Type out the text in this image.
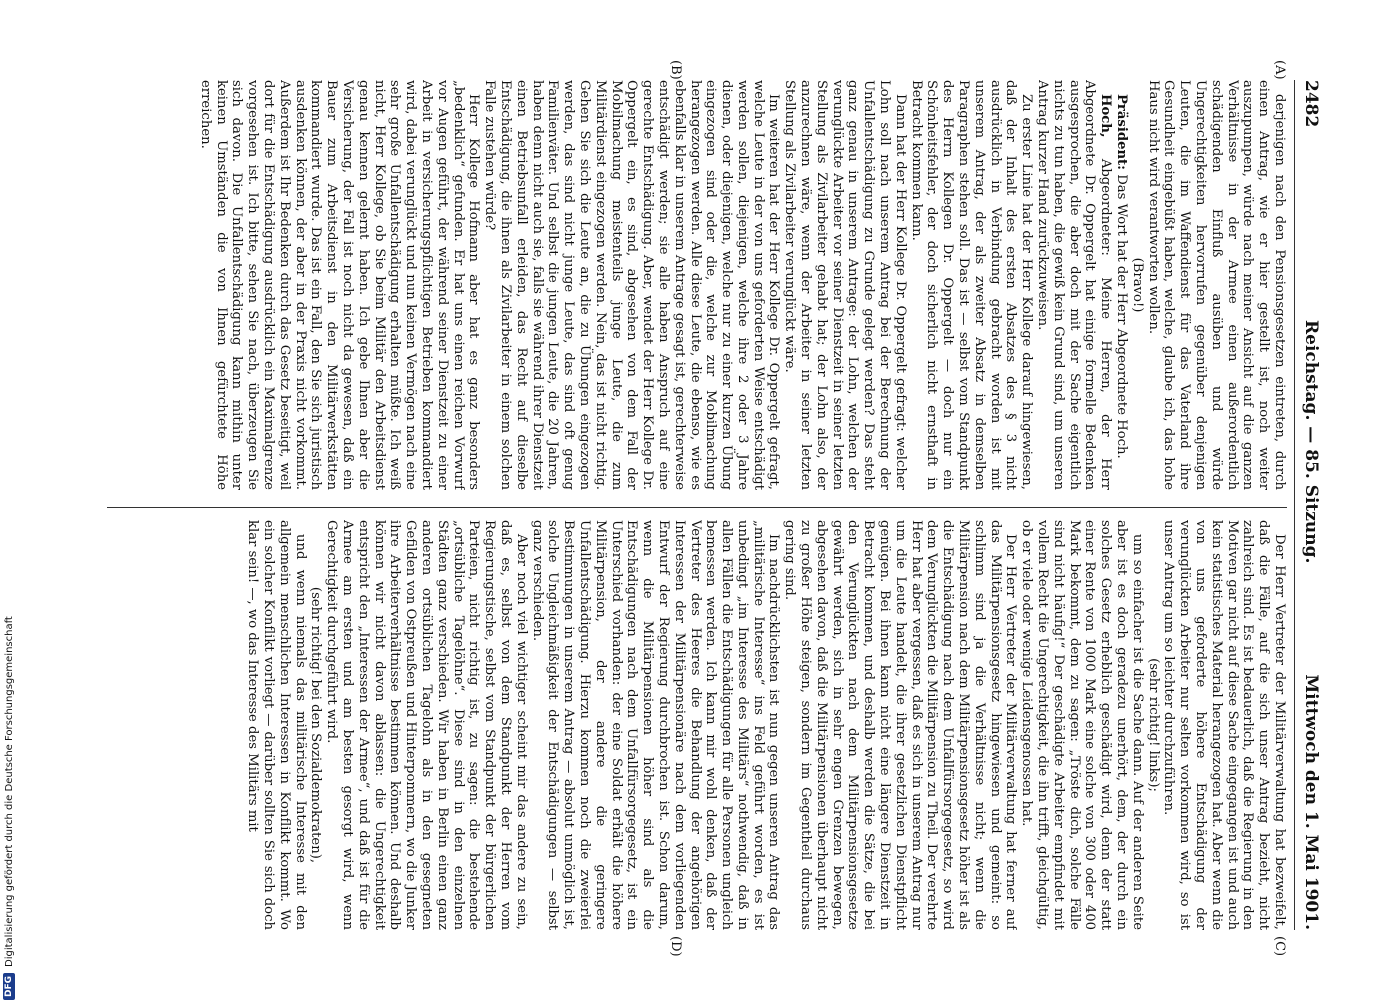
2482
Reichstag. — 85. Sitzung.
Mittwoch den 1. Mai 1901.
(A)
(B)
(C)
(D)

derjenigen nach den Pensionsgesetzen eintreten, durch einen Antrag, wie er hier gestellt ist, noch weiter auszupumpen, würde nach meiner Ansicht auf die ganzen Verhältnisse in der Armee einen außerordentlich schädigenden Einfluß ausüben und würde Ungerechtigkeiten hervorrufen gegenüber denjenigen Leuten, die im Waffendienst für das Vaterland ihre Gesundheit eingebüßt haben, welche, glaube ich, das hohe Haus nicht wird verantworten wollen.

(Bravo!)

Präsident: Das Wort hat der Herr Abgeordnete Hoch.

Hoch, Abgeordneter: Meine Herren, der Herr Abgeordnete Dr. Oppergelt hat einige formelle Bedenken ausgesprochen, die aber doch mit der Sache eigentlich nichts zu tun haben, die gewiß kein Grund sind, um unseren Antrag kurzer Hand zurückzuweisen.

Zu erster Linie hat der Herr Kollege darauf hingewiesen, daß der Inhalt des ersten Absatzes des § 3 nicht ausdrücklich in Verbindung gebracht worden ist mit unserem Antrag, der als zweiter Absatz in demselben Paragraphen stehen soll. Das ist — selbst vom Standpunkt des Herrn Kollegen Dr. Oppergelt — doch nur ein Schönheitsfehler, der doch sicherlich nicht ernsthaft in Betracht kommen kann.

Dann hat der Herr Kollege Dr. Oppergelt gefragt: welcher Lohn soll nach unserem Antrag bei der Berechnung der Unfallentschädigung zu Grunde gelegt werden? Das steht ganz genau in unserem Antrage: der Lohn, welchen der verunglückte Arbeiter vor seiner Dienstzeit in seiner letzten Stellung als Zivilarbeiter gehabt hat; der Lohn also, der anzurechnen wäre, wenn der Arbeiter in seiner letzten Stellung als Zivilarbeiter verunglückt wäre.

Im weiteren hat der Herr Kollege Dr. Oppergelt gefragt, welche Leute in der von uns geforderten Weise entschädigt werden sollen, diejenigen, welche ihre 2 oder 3 Jahre dienen, oder diejenigen, welche nur zu einer kurzen Übung eingezogen sind oder die, welche zur Mobilmachung herangezogen werden. Alle diese Leute, die ebenso, wie es ebenfalls klar in unserem Antrage gesagt ist, gerechterweise entschädigt werden; sie alle haben Anspruch auf eine gerechte Entschädigung. Aber, wendet der Herr Kollege Dr. Oppergelt ein, es sind, abgesehen von dem Fall der Mobilmachung meistenteils junge Leute, die zum Militärdienst eingezogen werden. Nein, das ist nicht richtig. Gehen Sie sich die Leute an, die zu Übungen eingezogen werden, das sind nicht junge Leute, das sind oft genug Familienväter. Und selbst die jungen Leute, die 20 Jahren, haben denn nicht auch sie, falls sie während ihrer Dienstzeit einen Betriebsunfall erleiden, das Recht auf dieselbe Entschädigung, die ihnen als Zivilarbeiter in einem solchen Falle zustehen würde?

Herr Kollege Hofmann aber hat es ganz besonders „bedenklich“ gefunden. Er hat uns einen reichen Vorwurf vor Augen geführt, der während seiner Dienstzeit zu einer Arbeit in versicherungspflichtigen Betrieben kommandiert wird, dabei verunglückt und nun keinen Vermögen nach eine sehr große Unfallentschädigung erhalten müßte. Ich weiß nicht, Herr Kollege, ob Sie beim Militär den Arbeitsdienst genau kennen gelernt haben. Ich gebe Ihnen aber die Versicherung, der Fall ist noch nicht da gewesen, daß ein Bauer zum Arbeitsdienst in den Militärwerkstätten kommandiert wurde. Das ist ein Fall, den Sie sich juristisch ausdenken können, der aber in der Praxis nicht vorkommt. Außerdem ist Ihr Bedenken durch das Gesetz beseitigt, weil dort für die Entschädigung ausdrücklich ein Maximalgrenze vorgesehen ist. Ich bitte, sehen Sie nach, überzeugen Sie sich davon. Die Unfallentschädigung kann mithin unter keinen Umständen die von Ihnen gefürchtete Höhe erreichen.

Der Herr Vertreter der Militärverwaltung hat bezweifelt, daß die Fälle, auf die sich unser Antrag bezieht, nicht zahlreich sind. Es ist bedauerlich, daß die Regierung in den Motiven gar nicht auf diese Sache eingegangen ist und auch kein statistisches Material herangezogen hat. Aber wenn die von uns geforderte höhere Entschädigung der verunglückten Arbeiter nur selten vorkommen wird, so ist unser Antrag um so leichter durchzuführen.

(sehr richtig! links);

um so einfacher ist die Sache dann. Auf der anderen Seite aber ist es doch geradezu unerhört, dem, der durch ein solches Gesetz erheblich geschädigt wird, denn der statt einer Rente von 1000 Mark eine solche von 300 oder 400 Mark bekommt, dem zu sagen: „Tröste dich, solche Fälle sind nicht häufig!“ Der geschädigte Arbeiter empfindet mit vollem Recht die Ungerechtigkeit, die ihn trifft, gleichgültig, ob er viele oder wenige Leidensgenossen hat.

Der Herr Vertreter der Militärverwaltung hat ferner auf das Militärpensionsgesetz hingewiesen und gemeint: so schlimm sind ja die Verhältnisse nicht; wenn die Militärpension nach dem Militärpensionsgesetz höher ist als die Entschädigung nach dem Unfallfürsorgegesetz, so wird dem Verunglückten die Militärpension zu Theil. Der verehrte Herr hat aber vergessen, daß es sich in unserem Antrag nur um die Leute handelt, die ihrer gesetzlichen Dienstpflicht genügen. Bei ihnen kann nicht eine längere Dienstzeit in Betracht kommen, und deshalb werden die Sätze, die bei den Verunglückten nach dem Militärpensionsgesetze gewährt werden, sich in sehr engen Grenzen bewegen, abgesehen davon, daß die Militärpensionen überhaupt nicht zu großer Höhe steigen, sondern im Gegentheil durchaus gering sind.

Im nachdrücklichsten ist nun gegen unseren Antrag das „militärische Interesse“ ins Feld geführt worden, es ist unbedingt „im Interesse des Militärs“ nothwendig, daß in allen Fällen die Entschädigungen für alle Personen ungleich bemessen werden. Ich kann mir wohl denken, daß der Vertreter des Heeres die Behandlung der angehörigen Interessen der Militärpensionäre nach dem vorliegenden Entwurf der Regierung durchbrochen ist. Schon darum, wenn die Militärpensionen höher sind als die Entschädigungen nach dem Unfallfürsorgegesetz, ist ein Unterschied vorhanden: der eine Soldat erhält die höhere Militärpension, der andere die geringere Unfallentschädigung. Hierzu kommen noch die zweierlei Bestimmungen in unserem Antrag — absolut unmöglich ist, solche Ungleichmäßigkeit der Entschädigungen — selbst ganz verschieden.

Aber noch viel wichtiger scheint mir das andere zu sein, daß es, selbst von dem Standpunkt der Herren vom Regierungstische, selbst vom Standpunkt der bürgerlichen Parteien, nicht richtig ist, zu sagen: die bestehende „ortsübliche Tagelöhne“. Diese sind in den einzelnen Städten ganz verschieden. Wir haben in Berlin einen ganz anderen ortsüblichen Tagelohn als in den gesegneten Gefilden von Ostpreußen und Hinterpommern, wo die Junker ihre Arbeiterverhältnisse bestimmen können. Und deshalb können wir nicht davon ablassen: die Ungerechtigkeit entspricht den „Interessen der Armee“, und daß ist für die Armee am ersten und am besten gesorgt wird, wenn Gerechtigkeit durchgeführt wird.

(sehr richtig! bei den Sozialdemokraten),

und wenn niemals das militärische Interesse mit den allgemein menschlichen Interessen in Konflikt kommt. Wo ein solcher Konflikt vorliegt — darüber sollten Sie sich doch klar sein! —, wo das Interesse des Militärs mit

DFG
Digitalisierung gefördert durch die Deutsche Forschungsgemeinschaft
